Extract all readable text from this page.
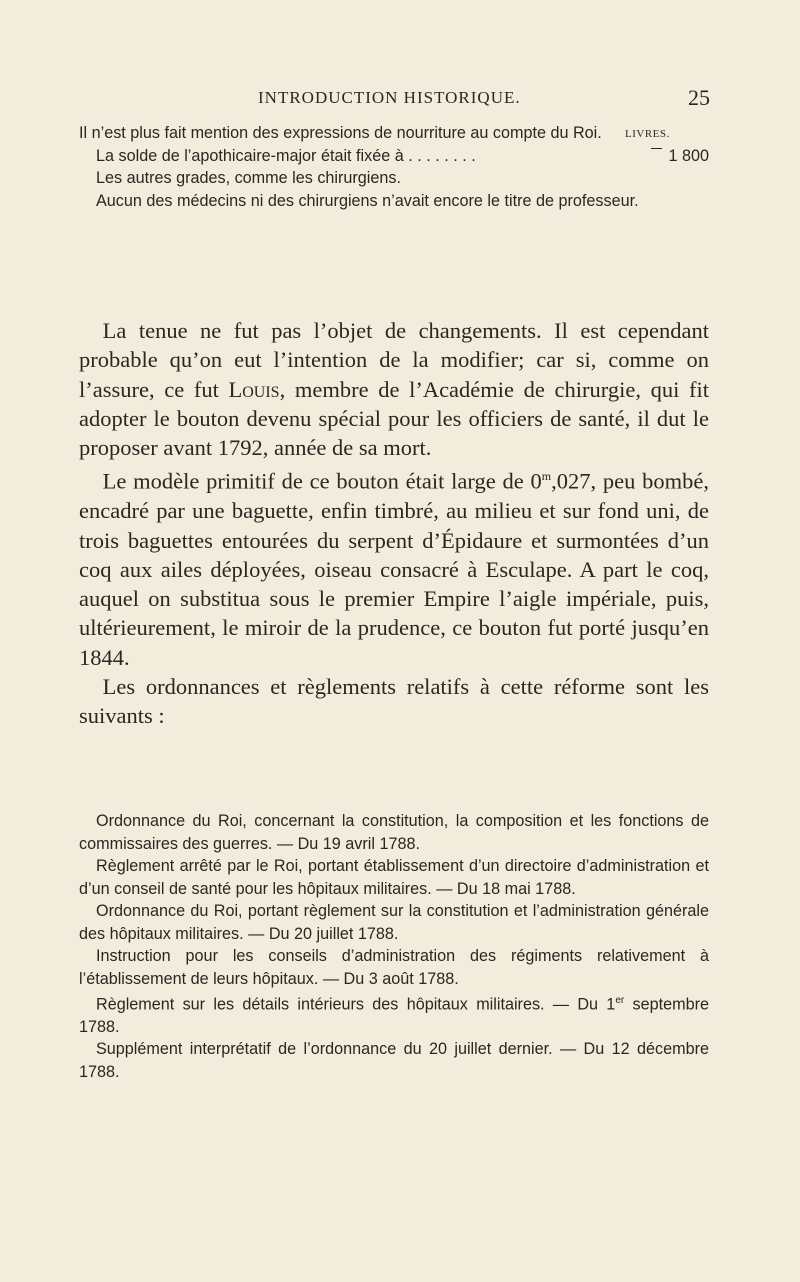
INTRODUCTION HISTORIQUE.	25
LIVRES.
Il n’est plus fait mention des expressions de nourriture au compte du Roi.
La solde de l’apothicaire-major était fixée à . . . . . . . .	1 800
Les autres grades, comme les chirurgiens.
Aucun des médecins ni des chirurgiens n’avait encore le titre de professeur.

La tenue ne fut pas l’objet de changements. Il est cependant probable qu’on eut l’intention de la modifier; car si, comme on l’assure, ce fut Louis, membre de l’Académie de chirurgie, qui fit adopter le bouton devenu spécial pour les officiers de santé, il dut le proposer avant 1792, année de sa mort.

Le modèle primitif de ce bouton était large de 0$^m$,027, peu bombé, encadré par une baguette, enfin timbré, au milieu et sur fond uni, de trois baguettes entourées du serpent d’Épidaure et surmontées d’un coq aux ailes déployées, oiseau consacré à Esculape. A part le coq, auquel on substitua sous le premier Empire l’aigle impériale, puis, ultérieurement, le miroir de la prudence, ce bouton fut porté jusqu’en 1844.

Les ordonnances et règlements relatifs à cette réforme sont les suivants :

Ordonnance du Roi, concernant la constitution, la composition et les fonctions de commissaires des guerres. — Du 19 avril 1788.

Règlement arrêté par le Roi, portant établissement d’un directoire d’administration et d’un conseil de santé pour les hôpitaux militaires. — Du 18 mai 1788.

Ordonnance du Roi, portant règlement sur la constitution et l’administration générale des hôpitaux militaires. — Du 20 juillet 1788.

Instruction pour les conseils d’administration des régiments relativement à l’établissement de leurs hôpitaux. — Du 3 août 1788.

Règlement sur les détails intérieurs des hôpitaux militaires. — Du 1er septembre 1788.

Supplément interprétatif de l’ordonnance du 20 juillet dernier. — Du 12 décembre 1788.
